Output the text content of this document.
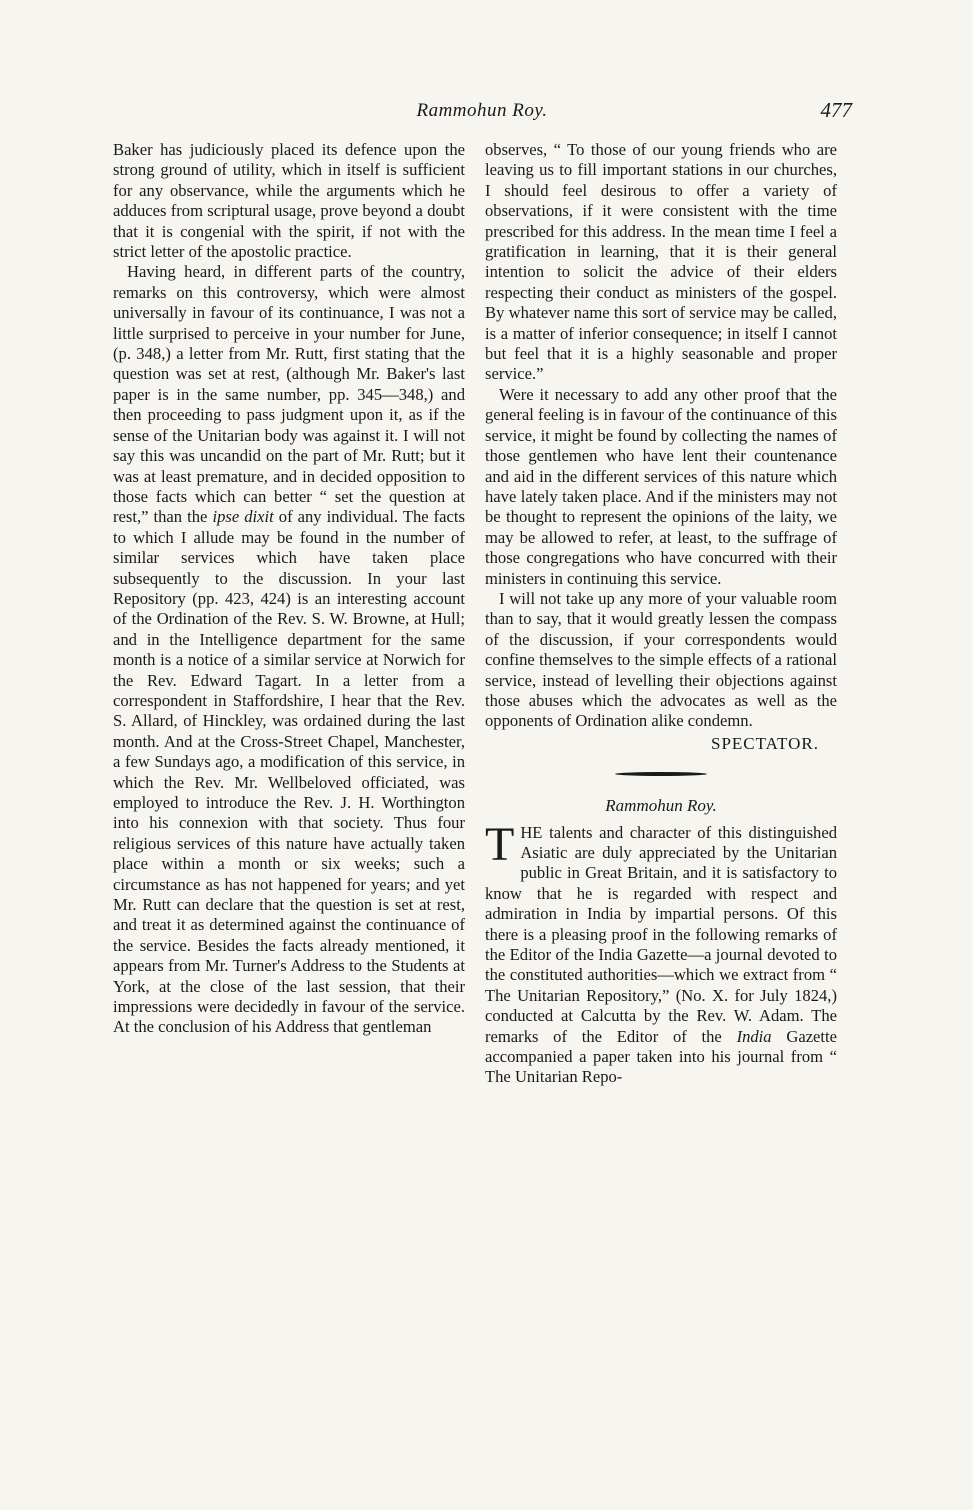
Rammohun Roy.	477

Baker has judiciously placed its defence upon the strong ground of utility, which in itself is sufficient for any observance, while the arguments which he adduces from scriptural usage, prove beyond a doubt that it is congenial with the spirit, if not with the strict letter of the apostolic practice.

Having heard, in different parts of the country, remarks on this controversy, which were almost universally in favour of its continuance, I was not a little surprised to perceive in your number for June, (p. 348,) a letter from Mr. Rutt, first stating that the question was set at rest, (although Mr. Baker's last paper is in the same number, pp. 345—348,) and then proceeding to pass judgment upon it, as if the sense of the Unitarian body was against it. I will not say this was uncandid on the part of Mr. Rutt; but it was at least premature, and in decided opposition to those facts which can better “ set the question at rest,” than the ipse dixit of any individual. The facts to which I allude may be found in the number of similar services which have taken place subsequently to the discussion. In your last Repository (pp. 423, 424) is an interesting account of the Ordination of the Rev. S. W. Browne, at Hull; and in the Intelligence department for the same month is a notice of a similar service at Norwich for the Rev. Edward Tagart. In a letter from a correspondent in Staffordshire, I hear that the Rev. S. Allard, of Hinckley, was ordained during the last month. And at the Cross-Street Chapel, Manchester, a few Sundays ago, a modification of this service, in which the Rev. Mr. Wellbeloved officiated, was employed to introduce the Rev. J. H. Worthington into his connexion with that society. Thus four religious services of this nature have actually taken place within a month or six weeks; such a circumstance as has not happened for years; and yet Mr. Rutt can declare that the question is set at rest, and treat it as determined against the continuance of the service. Besides the facts already mentioned, it appears from Mr. Turner's Address to the Students at York, at the close of the last session, that their impressions were decidedly in favour of the service. At the conclusion of his Address that gentleman

observes, “ To those of our young friends who are leaving us to fill important stations in our churches, I should feel desirous to offer a variety of observations, if it were consistent with the time prescribed for this address. In the mean time I feel a gratification in learning, that it is their general intention to solicit the advice of their elders respecting their conduct as ministers of the gospel. By whatever name this sort of service may be called, is a matter of inferior consequence; in itself I cannot but feel that it is a highly seasonable and proper service.”

Were it necessary to add any other proof that the general feeling is in favour of the continuance of this service, it might be found by collecting the names of those gentlemen who have lent their countenance and aid in the different services of this nature which have lately taken place. And if the ministers may not be thought to represent the opinions of the laity, we may be allowed to refer, at least, to the suffrage of those congregations who have concurred with their ministers in continuing this service.

I will not take up any more of your valuable room than to say, that it would greatly lessen the compass of the discussion, if your correspondents would confine themselves to the simple effects of a rational service, instead of levelling their objections against those abuses which the advocates as well as the opponents of Ordination alike condemn.

SPECTATOR.
Rammohun Roy.

THE talents and character of this distinguished Asiatic are duly appreciated by the Unitarian public in Great Britain, and it is satisfactory to know that he is regarded with respect and admiration in India by impartial persons. Of this there is a pleasing proof in the following remarks of the Editor of the India Gazette—a journal devoted to the constituted authorities—which we extract from “ The Unitarian Repository,” (No. X. for July 1824,) conducted at Calcutta by the Rev. W. Adam. The remarks of the Editor of the India Gazette accompanied a paper taken into his journal from “ The Unitarian Repo-
